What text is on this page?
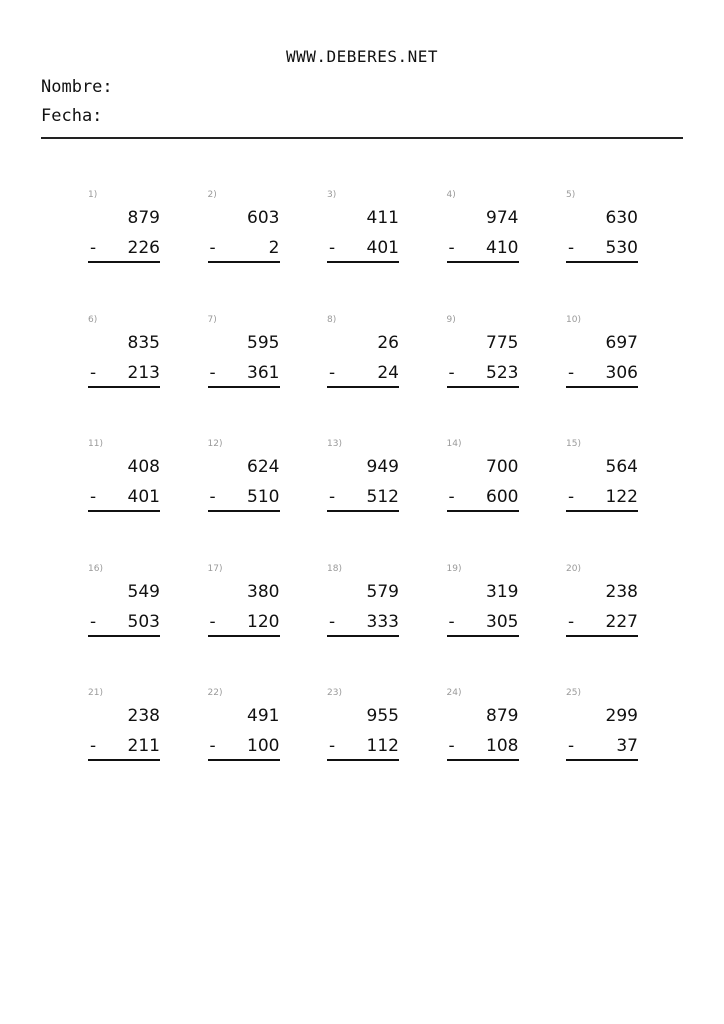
WWW.DEBERES.NET
Nombre:
Fecha:
1)
879
- 226
2)
603
-	2
3)
411
- 401
4)
974
- 410
5)
630
- 530
6)
835
- 213
7)
595
- 361
8)
26
- 24
9)
775
- 523
10)
697
- 306
11)
408
- 401
12)
624
- 510
13)
949
- 512
14)
700
- 600
15)
564
- 122
16)
549
- 503
17)
380
- 120
18)
579
- 333
19)
319
- 305
20)
238
- 227
21)
238
- 211
22)
491
- 100
23)
955
- 112
24)
879
- 108
25)
299
- 37
